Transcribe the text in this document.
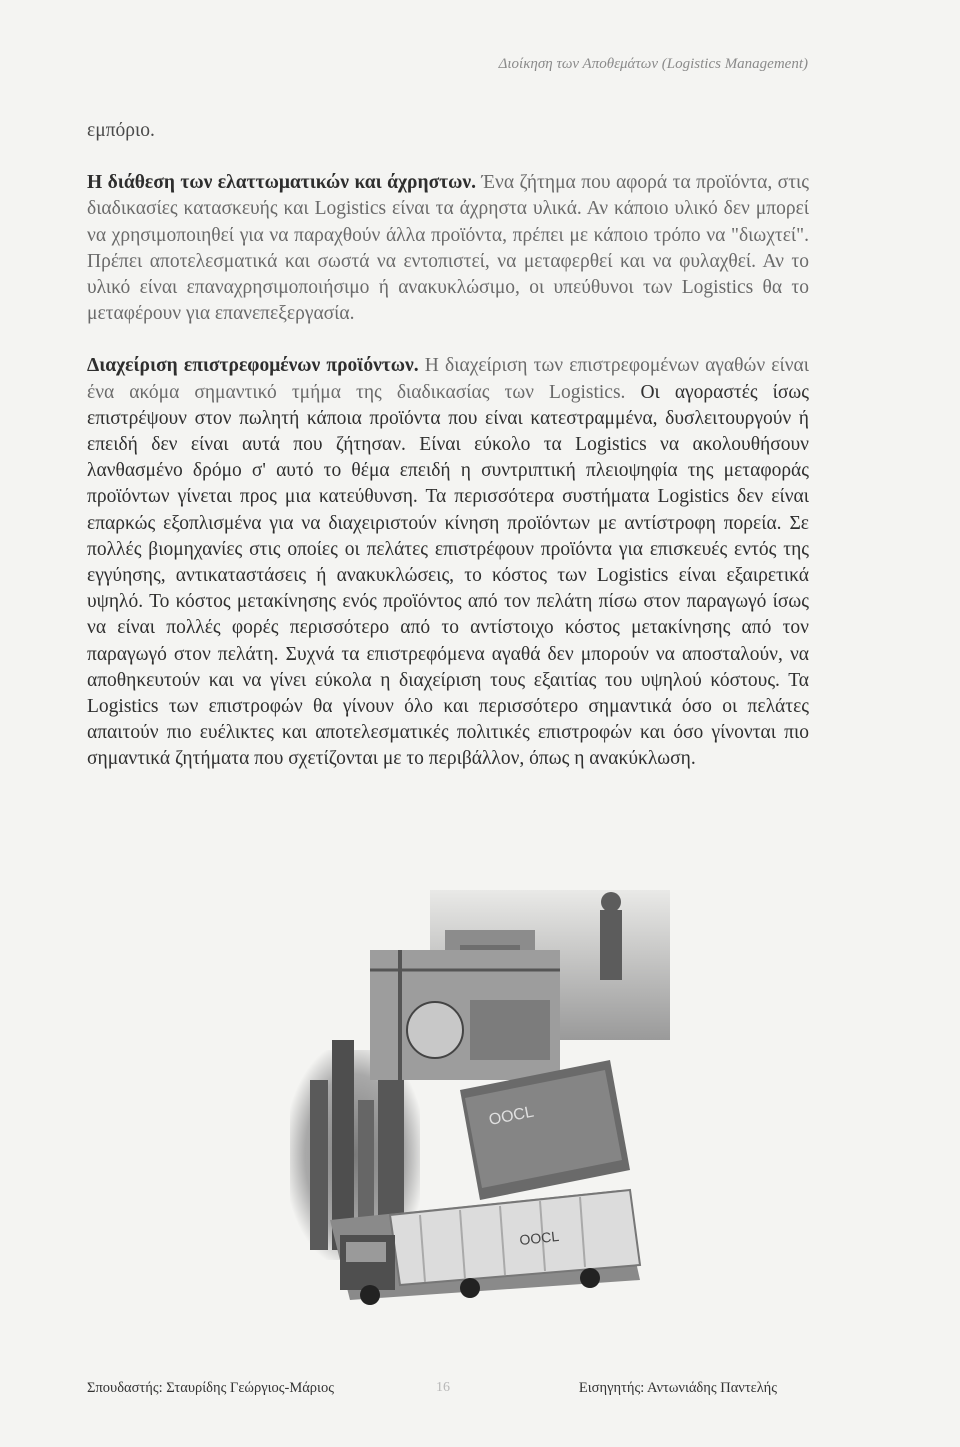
Διοίκηση των Αποθεμάτων (Logistics Management)

εμπόριο.

Η διάθεση των ελαττωματικών και άχρηστων. Ένα ζήτημα που αφορά τα προϊόντα, στις διαδικασίες κατασκευής και Logistics είναι τα άχρηστα υλικά. Αν κάποιο υλικό δεν μπορεί να χρησιμοποιηθεί για να παραχθούν άλλα προϊόντα, πρέπει με κάποιο τρόπο να "διωχτεί". Πρέπει αποτελεσματικά και σωστά να εντοπιστεί, να μεταφερθεί και να φυλαχθεί. Αν το υλικό είναι επαναχρησιμοποιήσιμο ή ανακυκλώσιμο, οι υπεύθυνοι των Logistics θα το μεταφέρουν για επανεπεξεργασία.

Διαχείριση επιστρεφομένων προϊόντων. Η διαχείριση των επιστρεφομένων αγαθών είναι ένα ακόμα σημαντικό τμήμα της διαδικασίας των Logistics. Οι αγοραστές ίσως επιστρέψουν στον πωλητή κάποια προϊόντα που είναι κατεστραμμένα, δυσλειτουργούν ή επειδή δεν είναι αυτά που ζήτησαν. Είναι εύκολο τα Logistics να ακολουθήσουν λανθασμένο δρόμο σ' αυτό το θέμα επειδή η συντριπτική πλειοψηφία της μεταφοράς προϊόντων γίνεται προς μια κατεύθυνση. Τα περισσότερα συστήματα Logistics δεν είναι επαρκώς εξοπλισμένα για να διαχειριστούν κίνηση προϊόντων με αντίστροφη πορεία. Σε πολλές βιομηχανίες στις οποίες οι πελάτες επιστρέφουν προϊόντα για επισκευές εντός της εγγύησης, αντικαταστάσεις ή ανακυκλώσεις, το κόστος των Logistics είναι εξαιρετικά υψηλό. Το κόστος μετακίνησης ενός προϊόντος από τον πελάτη πίσω στον παραγωγό ίσως να είναι πολλές φορές περισσότερο από το αντίστοιχο κόστος μετακίνησης από τον παραγωγό στον πελάτη. Συχνά τα επιστρεφόμενα αγαθά δεν μπορούν να αποσταλούν, να αποθηκευτούν και να γίνει εύκολα η διαχείριση τους εξαιτίας του υψηλού κόστους. Τα Logistics των επιστροφών θα γίνουν όλο και περισσότερο σημαντικά όσο οι πελάτες απαιτούν πιο ευέλικτες και αποτελεσματικές πολιτικές επιστροφών και όσο γίνονται πιο σημαντικά ζητήματα που σχετίζονται με το περιβάλλον, όπως η ανακύκλωση.

OOCL
OOCL
Σπουδαστής: Σταυρίδης Γεώργιος-Μάριος	16	Εισηγητής: Αντωνιάδης Παντελής
